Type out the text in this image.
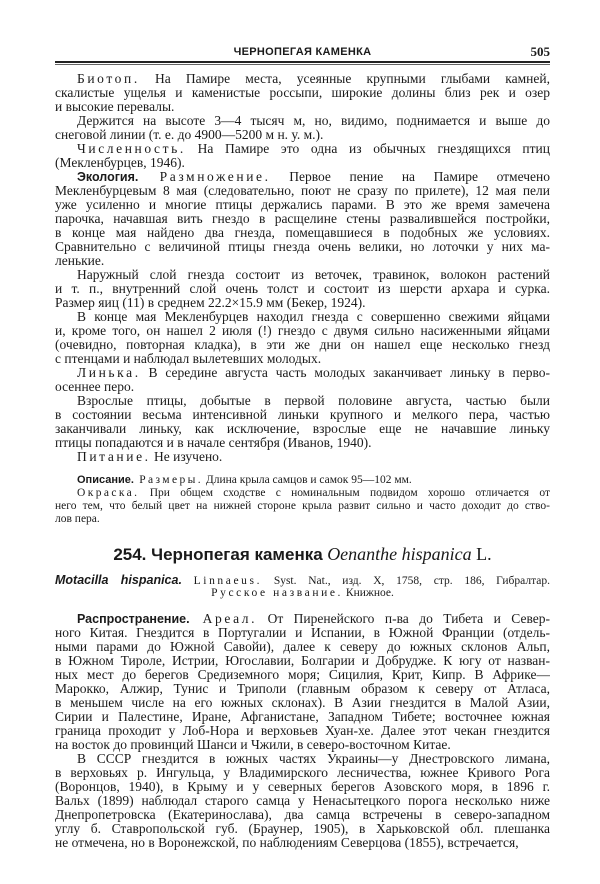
ЧЕРНОПЕГАЯ КАМЕНКА	505
Биотоп. На Памире места, усеянные крупными глыбами камней,
скалистые ущелья и каменистые россыпи, широкие долины близ рек и озер
и высокие перевалы.
Держится на высоте 3—4 тысяч м, но, видимо, поднимается и выше до
снеговой линии (т. е. до 4900—5200 м н. у. м.).
Численность. На Памире это одна из обычных гнездящихся птиц
(Мекленбурцев, 1946).
Экология. Размножение. Первое пение на Памире отмечено
Мекленбурцевым 8 мая (следовательно, поют не сразу по прилете), 12 мая пели
уже усиленно и многие птицы держались парами. В это же время замечена
парочка, начавшая вить гнездо в расщелине стены развалившейся постройки,
в конце мая найдено два гнезда, помещавшиеся в подобных же условиях.
Сравнительно с величиной птицы гнезда очень велики, но лоточки у них ма-
ленькие.
Наружный слой гнезда состоит из веточек, травинок, волокон растений
и т. п., внутренний слой очень толст и состоит из шерсти архара и сурка.
Размер яиц (11) в среднем 22.2×15.9 мм (Бекер, 1924).
В конце мая Мекленбурцев находил гнезда с совершенно свежими яйцами
и, кроме того, он нашел 2 июля (!) гнездо с двумя сильно насиженными яйцами
(очевидно, повторная кладка), в эти же дни он нашел еще несколько гнезд
с птенцами и наблюдал вылетевших молодых.
Линька. В середине августа часть молодых заканчивает линьку в перво-
осеннее перо.
Взрослые птицы, добытые в первой половине августа, частью были
в состоянии весьма интенсивной линьки крупного и мелкого пера, частью
заканчивали линьку, как исключение, взрослые еще не начавшие линьку
птицы попадаются и в начале сентября (Иванов, 1940).
Питание. Не изучено.
Описание. Размеры. Длина крыла самцов и самок 95—102 мм.
Окраска. При общем сходстве с номинальным подвидом хорошо отличается от
него тем, что белый цвет на нижней стороне крыла развит сильно и часто доходит до ство-
лов пера.
254. Чернопегая каменка Oenanthe hispanica L.
Motacilla hispanica. Linnaeus. Syst. Nat., изд. X, 1758, стр. 186, Гибралтар.
Русское название. Книжное.
Распространение. Ареал. От Пиренейского п-ва до Тибета и Север-
ного Китая. Гнездится в Португалии и Испании, в Южной Франции (отдель-
ными парами до Южной Савойи), далее к северу до южных склонов Альп,
в Южном Тироле, Истрии, Югославии, Болгарии и Добрудже. К югу от назван-
ных мест до берегов Средиземного моря; Сицилия, Крит, Кипр. В Африке—
Марокко, Алжир, Тунис и Триполи (главным образом к северу от Атласа,
в меньшем числе на его южных склонах). В Азии гнездится в Малой Азии,
Сирии и Палестине, Иране, Афганистане, Западном Тибете; восточнее южная
граница проходит у Лоб-Нора и верховьев Хуан-хе. Далее этот чекан гнездится
на восток до провинций Шанси и Чжили, в северо-восточном Китае.
В СССР гнездится в южных частях Украины—у Днестровского лимана,
в верховьях р. Ингульца, у Владимирского лесничества, южнее Кривого Рога
(Воронцов, 1940), в Крыму и у северных берегов Азовского моря, в 1896 г.
Вальх (1899) наблюдал старого самца у Ненасытецкого порога несколько ниже
Днепропетровска (Екатеринослава), два самца встречены в северо-западном
углу б. Ставропольской губ. (Браунер, 1905), в Харьковской обл. плешанка
не отмечена, но в Воронежской, по наблюдениям Северцова (1855), встречается,
